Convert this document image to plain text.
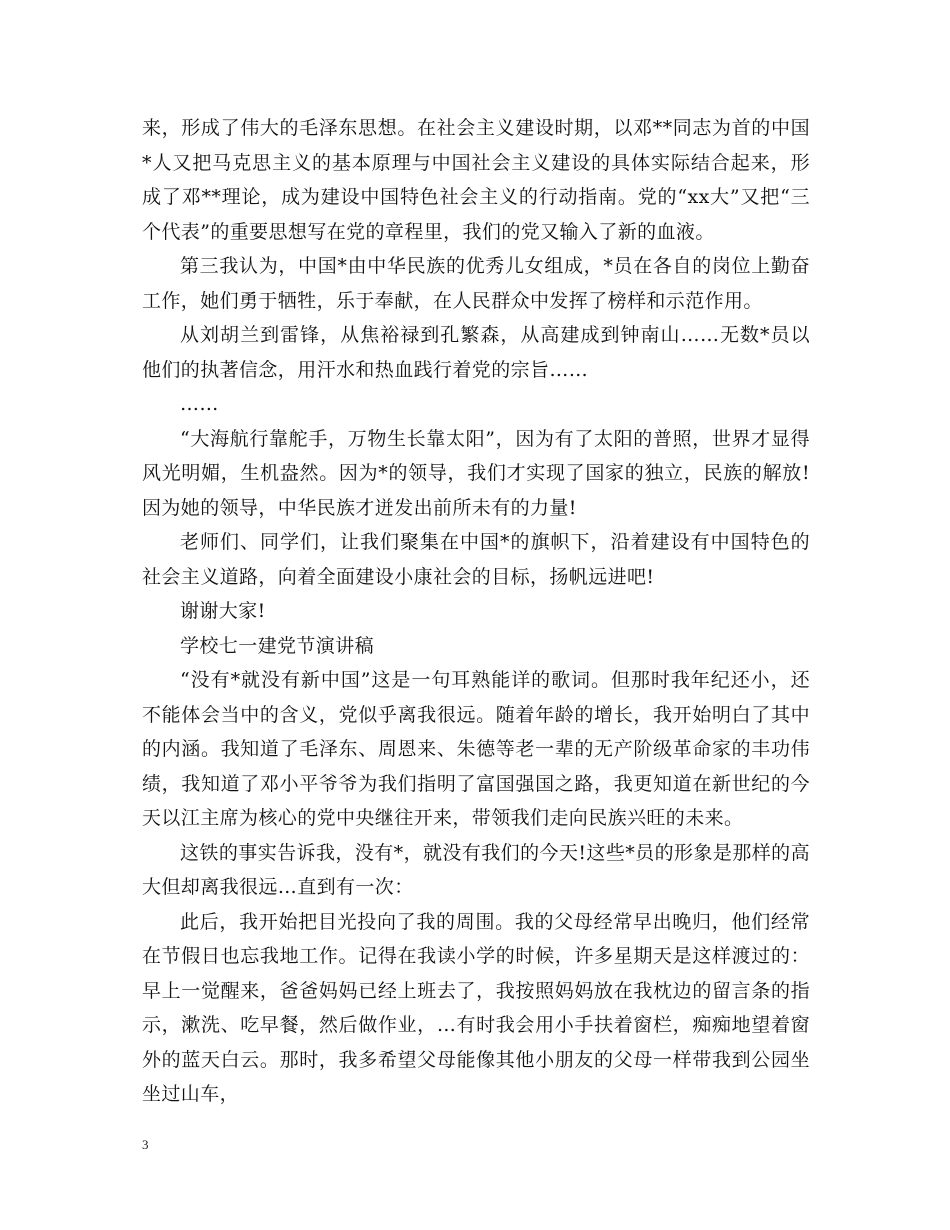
来，形成了伟大的毛泽东思想。在社会主义建设时期，以邓**同志为首的中国*人又把马克思主义的基本原理与中国社会主义建设的具体实际结合起来，形成了邓**理论，成为建设中国特色社会主义的行动指南。党的“xx大”又把“三个代表”的重要思想写在党的章程里，我们的党又输入了新的血液。

第三我认为，中国*由中华民族的优秀儿女组成，*员在各自的岗位上勤奋工作，她们勇于牺牲，乐于奉献，在人民群众中发挥了榜样和示范作用。

从刘胡兰到雷锋，从焦裕禄到孔繁森，从高建成到钟南山……无数*员以他们的执著信念，用汗水和热血践行着党的宗旨……

……

“大海航行靠舵手，万物生长靠太阳”，因为有了太阳的普照，世界才显得风光明媚，生机盎然。因为*的领导，我们才实现了国家的独立，民族的解放!因为她的领导，中华民族才迸发出前所未有的力量!

老师们、同学们，让我们聚集在中国*的旗帜下，沿着建设有中国特色的社会主义道路，向着全面建设小康社会的目标，扬帆远进吧!

谢谢大家!

学校七一建党节演讲稿

“没有*就没有新中国”这是一句耳熟能详的歌词。但那时我年纪还小，还不能体会当中的含义，党似乎离我很远。随着年龄的增长，我开始明白了其中的内涵。我知道了毛泽东、周恩来、朱德等老一辈的无产阶级革命家的丰功伟绩，我知道了邓小平爷爷为我们指明了富国强国之路，我更知道在新世纪的今天以江主席为核心的党中央继往开来，带领我们走向民族兴旺的未来。

这铁的事实告诉我，没有*，就没有我们的今天!这些*员的形象是那样的高大但却离我很远…直到有一次：

此后，我开始把目光投向了我的周围。我的父母经常早出晚归，他们经常在节假日也忘我地工作。记得在我读小学的时候，许多星期天是这样渡过的：早上一觉醒来，爸爸妈妈已经上班去了，我按照妈妈放在我枕边的留言条的指示，漱洗、吃早餐，然后做作业，…有时我会用小手扶着窗栏，痴痴地望着窗外的蓝天白云。那时，我多希望父母能像其他小朋友的父母一样带我到公园坐坐过山车，

3
